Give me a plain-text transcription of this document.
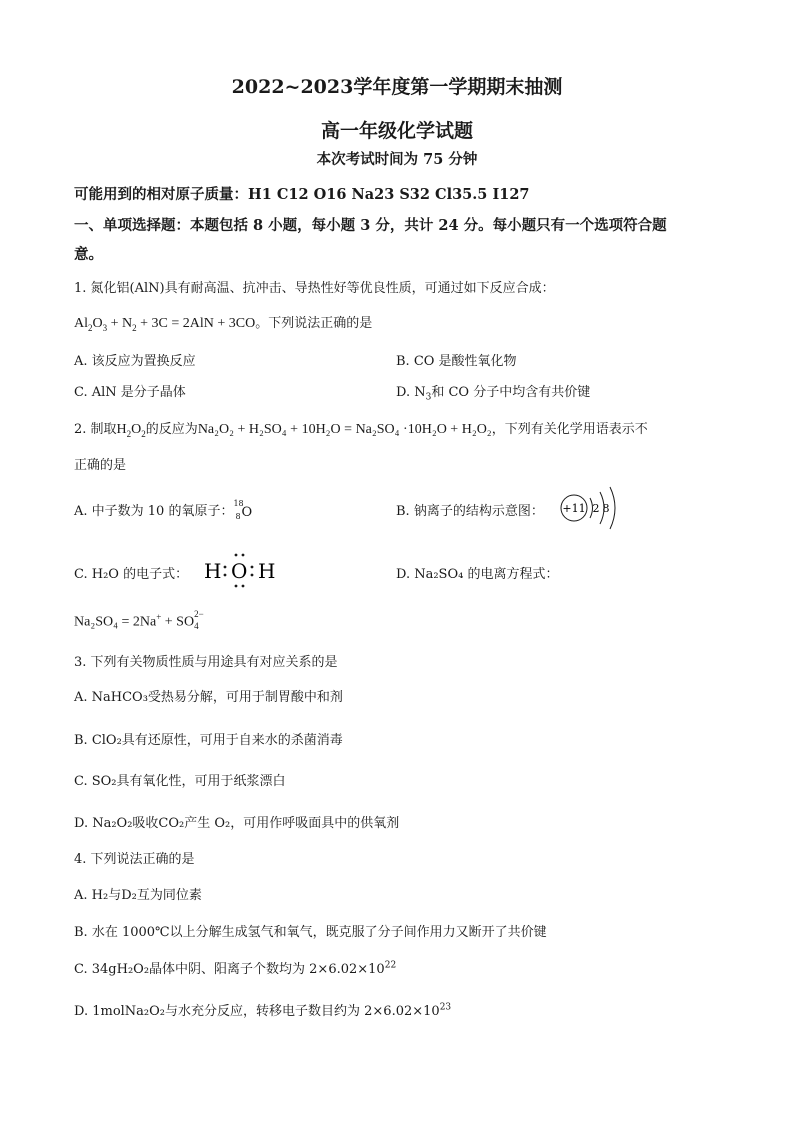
2022~2023学年度第一学期期末抽测
高一年级化学试题
本次考试时间为 75 分钟
可能用到的相对原子质量：H1 C12 O16 Na23 S32 Cl35.5 I127
一、单项选择题：本题包括 8 小题，每小题 3 分，共计 24 分。每小题只有一个选项符合题
意。
1. 氮化铝(AlN)具有耐高温、抗冲击、导热性好等优良性质，可通过如下反应合成：
$Al_2O_3 + N_2 + 3C = 2AlN + 3CO$。下列说法正确的是
A. 该反应为置换反应	B. CO 是酸性氧化物
C. AlN 是分子晶体	D. $N_3$和 CO 分子中均含有共价键
2. 制取$H_2O_2$的反应为Na₂O₂ + H₂SO₄ + 10H₂O = Na₂SO₄ ·10H₂O + H₂O₂，下列有关化学用语表示不
正确的是
A. 中子数为 10 的氧原子：
18
8 O	B. 钠离子的结构示意图： +11 2 8
C. H₂O 的电子式： H O H	D. Na₂SO₄ 的电离方程式：
Na₂SO₄ = 2Na+ + SO
2−
4
3. 下列有关物质性质与用途具有对应关系的是
A. NaHCO₃受热易分解，可用于制胃酸中和剂
B. ClO₂具有还原性，可用于自来水的杀菌消毒
C. SO₂具有氧化性，可用于纸浆漂白
D. Na₂O₂吸收CO₂产生 O₂，可用作呼吸面具中的供氧剂
4. 下列说法正确的是
A. H₂与D₂互为同位素
B. 水在 1000℃以上分解生成氢气和氧气，既克服了分子间作用力又断开了共价键
C. 34gH₂O₂晶体中阴、阳离子个数均为 $2\times 6.02\times 10^{22}$
D. 1molNa₂O₂与水充分反应，转移电子数目约为 $2\times 6.02\times 10^{23}$
